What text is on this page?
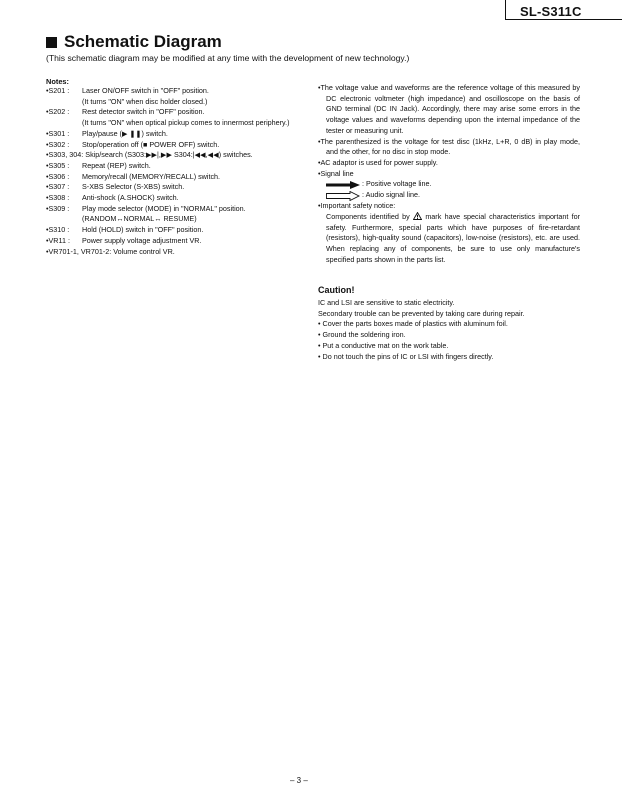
SL-S311C
Schematic Diagram
(This schematic diagram may be modified at any time with the development of new technology.)
Notes:
•S201 :	Laser ON/OFF switch in "OFF" position.
(It turns "ON" when disc holder closed.)
•S202 :	Rest detector switch in "OFF" position.
(It turns "ON" when optical pickup comes to innermost periphery.)
•S301 :	Play/pause (▶ ❚❚) switch.
•S302 :	Stop/operation off (■ POWER OFF) switch.
•S303, 304: Skip/search (S303:▶▶|,▶▶ S304:|◀◀,◀◀) switches.
•S305 :	Repeat (REP) switch.
•S306 :	Memory/recall (MEMORY/RECALL) switch.
•S307 :	S-XBS Selector (S-XBS) switch.
•S308 :	Anti-shock (A.SHOCK) switch.
•S309 :	Play mode selector (MODE) in "NORMAL" position.
(RANDOM↔NORMAL↔ RESUME)
•S310 :	Hold (HOLD) switch in "OFF" position.
•VR11 :	Power supply voltage adjustment VR.
•VR701-1, VR701-2: Volume control VR.
•The voltage value and waveforms are the reference voltage of this measured by DC electronic voltmeter (high impedance) and oscilloscope on the basis of GND terminal (DC IN Jack). Accordingly, there may arise some errors in the voltage values and waveforms depending upon the internal impedance of the tester or measuring unit.
•The parenthesized is the voltage for test disc (1kHz, L+R, 0 dB) in play mode, and the other, for no disc in stop mode.
•AC adaptor is used for power supply.
•Signal line
: Positive voltage line.
: Audio signal line.
•Important safety notice:
Components identified by mark have special characteristics important for safety. Furthermore, special parts which have purposes of fire-retardant (resistors), high-quality sound (capacitors), low-noise (resistors), etc. are used. When replacing any of components, be sure to use only manufacture's specified parts shown in the parts list.
Caution!
IC and LSI are sensitive to static electricity.
Secondary trouble can be prevented by taking care during repair.
• Cover the parts boxes made of plastics with aluminum foil.
• Ground the soldering iron.
• Put a conductive mat on the work table.
• Do not touch the pins of IC or LSI with fingers directly.
– 3 –
